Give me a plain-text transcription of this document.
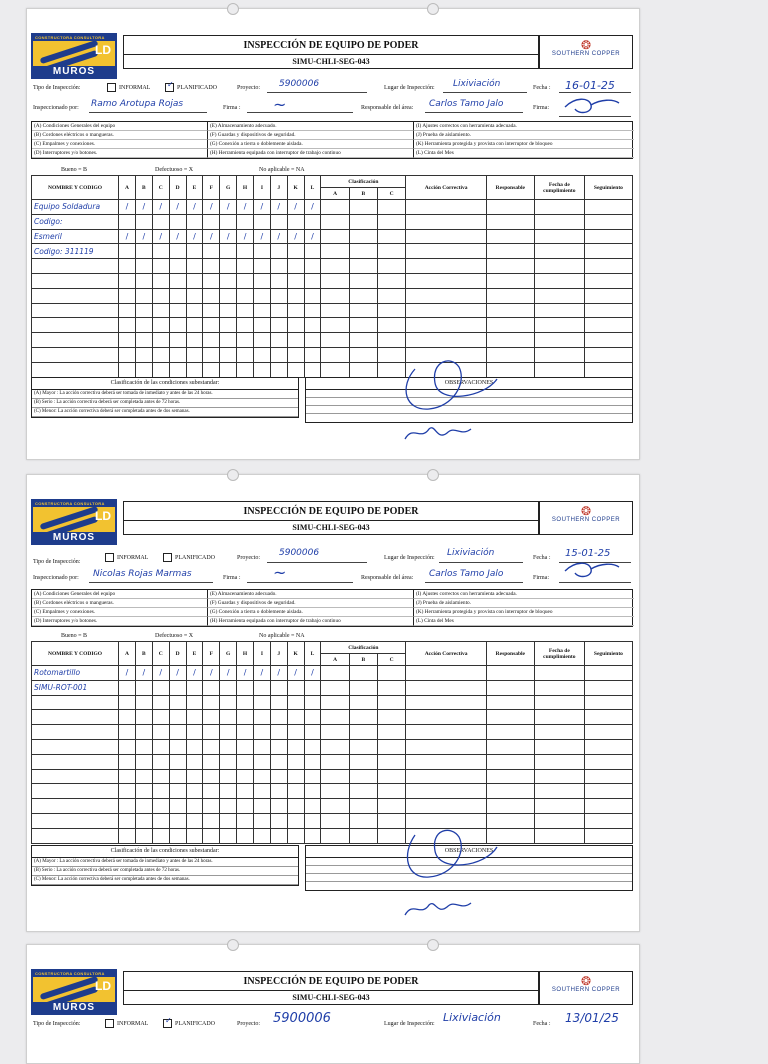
CONSTRUCTORA CONSULTORA
LD
MUROS
INSPECCIÓN DE EQUIPO DE PODER
SIMU-CHLI-SEG-043
❂
SOUTHERN COPPER
Tipo de Inspección:	INFORMAL ✓ PLANIFICADO	Proyecto: 5900006	Lugar de Inspección: Lixiviación	Fecha : 16-01-25
Inspeccionado por: Ramo Arotupa Rojas	Firma : ~	Responsable del área: Carlos Tamo Jalo	Firma:
(A) Condiciones Generales del equipo	(E) Almacenamiento adecuado.	(I) Ajustes correctos con herramienta adecuada.
(B) Cordones eléctricos o mangueras.	(F) Guardas y dispositivos de seguridad.	(J) Prueba de aislamiento.
(C) Empalmes y conexiones.	(G) Conexión a tierra o doblemente aislada.	(K) Herramienta protegida y provista con interruptor de bloqueo
(D) Interruptores y/o botones.	(H) Herramienta equipada con interruptor de trabajo continuo	(L) Cinta del Mes
Bueno = B	Defectuoso = X	No aplicable = NA
NOMBRE Y CODIGO	A	B	C	D	E	F	G	H	I	J	K	L	Clasificación			Acción Correctiva	Responsable	Fecha de cumplimiento	Seguimiento
													A	B	C				
Equipo Soldadura	/	/	/	/	/	/	/	/	/	/	/	/							
Codigo:																			
Esmeril	/	/	/	/	/	/	/	/	/	/	/	/							
Codigo: 311119																			

Clasificación de las condiciones subestandar:
(A) Mayor : La acción correctiva deberá ser tomada de inmediato y antes de las 24 horas.
(B) Serio : La acción correctiva deberá ser completada antes de 72 horas.
(C) Menor: La acción correctiva deberá ser completada antes de dos semanas.
OBSERVACIONES
CONSTRUCTORA CONSULTORA
LD
MUROS
INSPECCIÓN DE EQUIPO DE PODER
SIMU-CHLI-SEG-043
❂
SOUTHERN COPPER
Tipo de Inspección:
INFORMAL	PLANIFICADO	Proyecto: 5900006	Lugar de Inspección: Lixiviación	Fecha : 15-01-25
Inspeccionado por: Nicolas Rojas Marmas	Firma : ~	Responsable del área: Carlos Tamo Jalo	Firma:
(A) Condiciones Generales del equipo	(E) Almacenamiento adecuado.	(I) Ajustes correctos con herramienta adecuada.
(B) Cordones eléctricos o mangueras.	(F) Guardas y dispositivos de seguridad.	(J) Prueba de aislamiento.
(C) Empalmes y conexiones.	(G) Conexión a tierra o doblemente aislada.	(K) Herramienta protegida y provista con interruptor de bloqueo
(D) Interruptores y/o botones.	(H) Herramienta equipada con interruptor de trabajo continuo	(L) Cinta del Mes
Bueno = B	Defectuoso = X	No aplicable = NA
NOMBRE Y CODIGO	A	B	C	D	E	F	G	H	I	J	K	L	Clasificación			Acción Correctiva	Responsable	Fecha de cumplimiento	Seguimiento
													A	B	C				
Rotomartillo	/	/	/	/	/	/	/	/	/	/	/	/							
SIMU-ROT-001																			

Clasificación de las condiciones subestandar:
(A) Mayor : La acción correctiva deberá ser tomada de inmediato y antes de las 24 horas.
(B) Serio : La acción correctiva deberá ser completada antes de 72 horas.
(C) Menor: La acción correctiva deberá ser completada antes de dos semanas.
OBSERVACIONES
CONSTRUCTORA CONSULTORA
LD
MUROS
INSPECCIÓN DE EQUIPO DE PODER
SIMU-CHLI-SEG-043
❂
SOUTHERN COPPER
Tipo de Inspección:	INFORMAL ✓ PLANIFICADO	Proyecto: 5900006	Lugar de Inspección: Lixiviación	Fecha : 13/01/25
